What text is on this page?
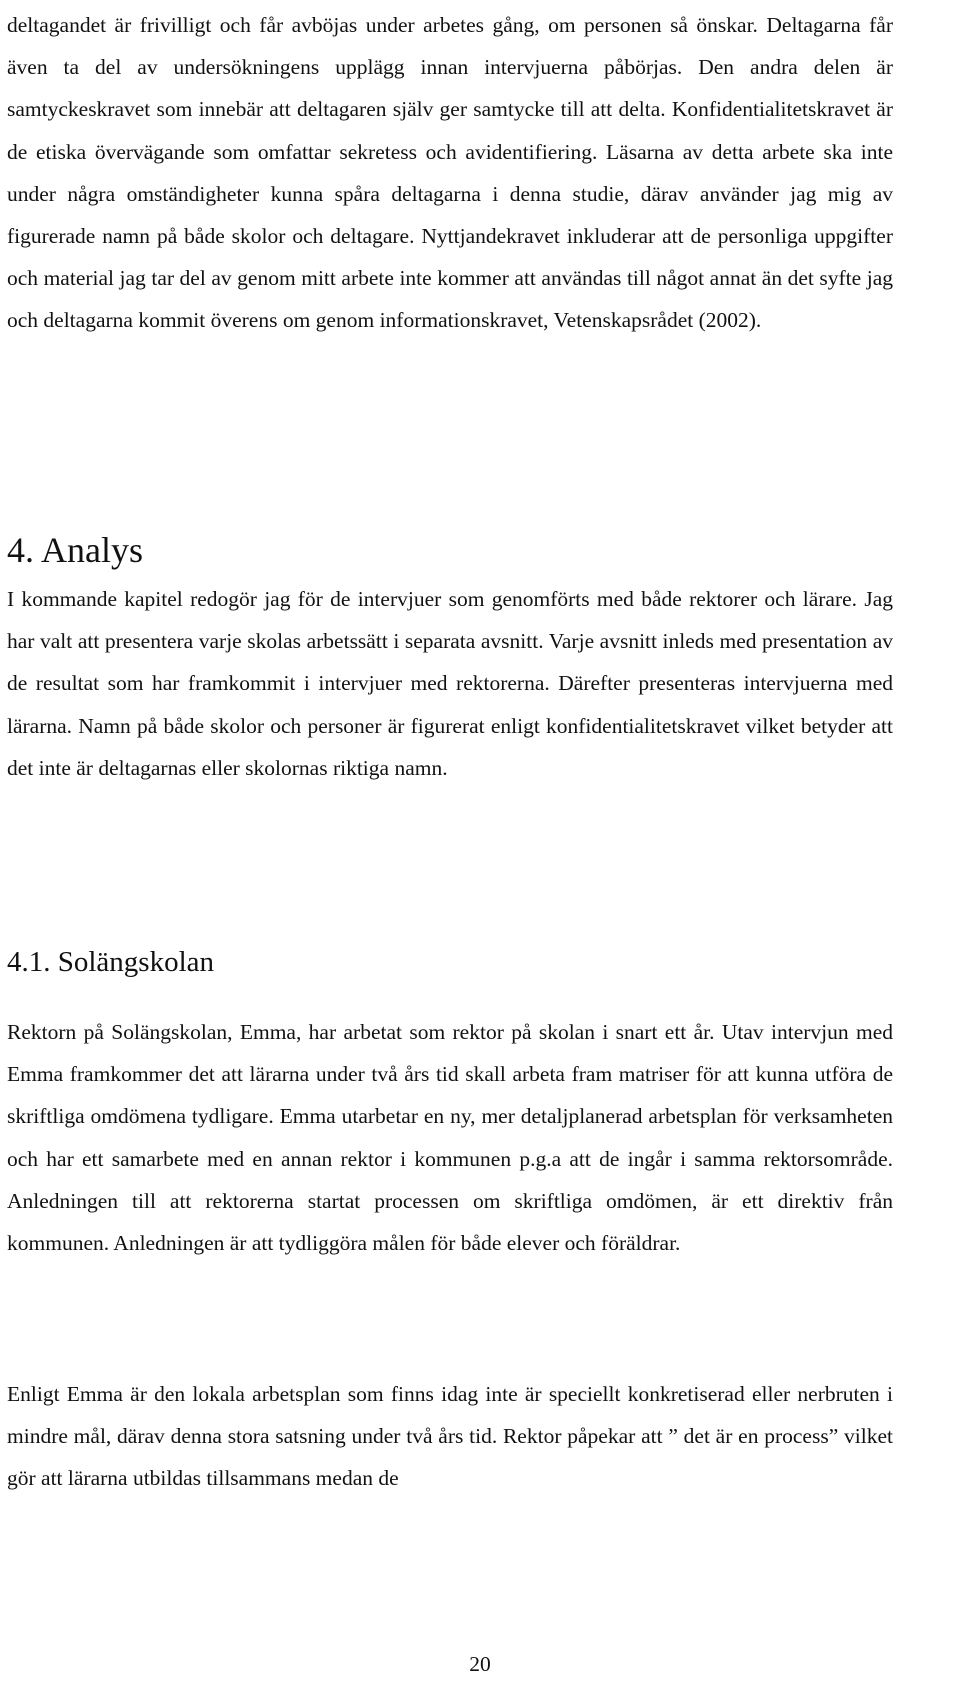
deltagandet är frivilligt och får avböjas under arbetes gång, om personen så önskar. Deltagarna får även ta del av undersökningens upplägg innan intervjuerna påbörjas. Den andra delen är samtyckeskravet som innebär att deltagaren själv ger samtycke till att delta. Konfidentialitetskravet är de etiska övervägande som omfattar sekretess och avidentifiering. Läsarna av detta arbete ska inte under några omständigheter kunna spåra deltagarna i denna studie, därav använder jag mig av figurerade namn på både skolor och deltagare. Nyttjandekravet inkluderar att de personliga uppgifter och material jag tar del av genom mitt arbete inte kommer att användas till något annat än det syfte jag och deltagarna kommit överens om genom informationskravet, Vetenskapsrådet (2002).

4. Analys

I kommande kapitel redogör jag för de intervjuer som genomförts med både rektorer och lärare. Jag har valt att presentera varje skolas arbetssätt i separata avsnitt. Varje avsnitt inleds med presentation av de resultat som har framkommit i intervjuer med rektorerna. Därefter presenteras intervjuerna med lärarna. Namn på både skolor och personer är figurerat enligt konfidentialitetskravet vilket betyder att det inte är deltagarnas eller skolornas riktiga namn.

4.1. Solängskolan

Rektorn på Solängskolan, Emma, har arbetat som rektor på skolan i snart ett år. Utav intervjun med Emma framkommer det att lärarna under två års tid skall arbeta fram matriser för att kunna utföra de skriftliga omdömena tydligare. Emma utarbetar en ny, mer detaljplanerad arbetsplan för verksamheten och har ett samarbete med en annan rektor i kommunen p.g.a att de ingår i samma rektorsområde. Anledningen till att rektorerna startat processen om skriftliga omdömen, är ett direktiv från kommunen. Anledningen är att tydliggöra målen för både elever och föräldrar.

Enligt Emma är den lokala arbetsplan som finns idag inte är speciellt konkretiserad eller nerbruten i mindre mål, därav denna stora satsning under två års tid. Rektor påpekar att ” det är en process” vilket gör att lärarna utbildas tillsammans medan de

20
